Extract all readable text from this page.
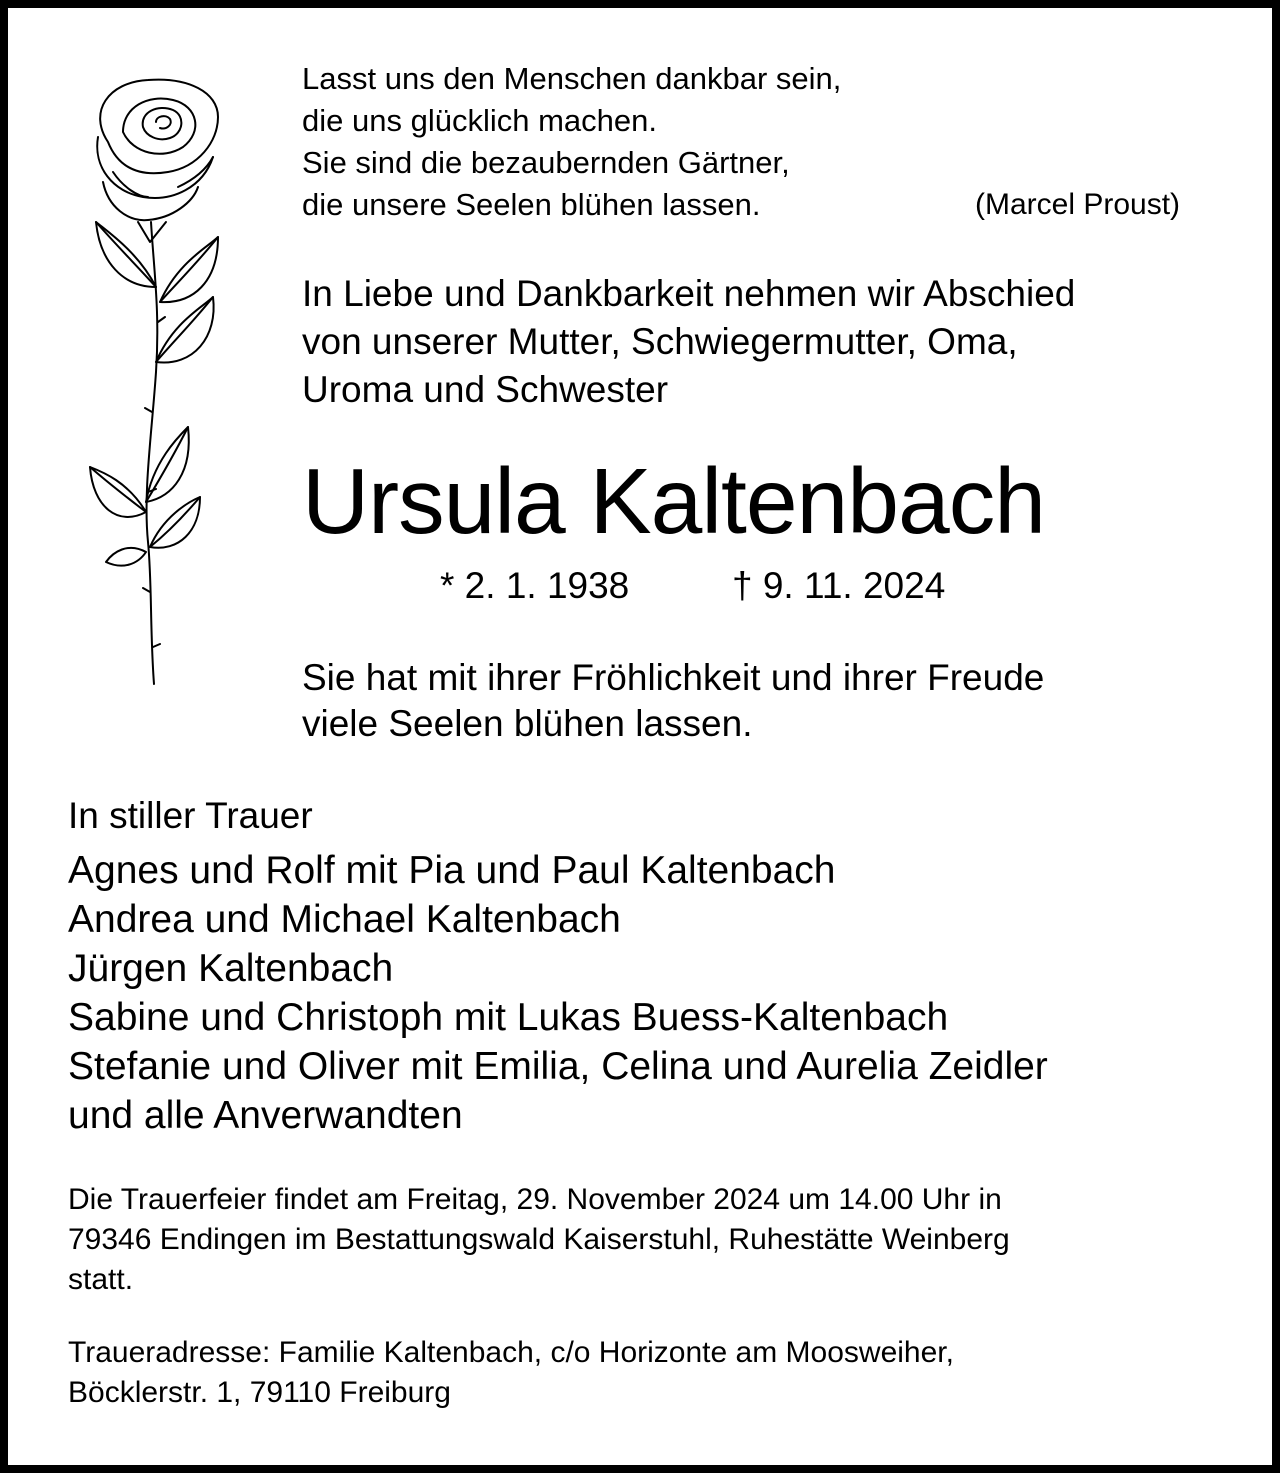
Lasst uns den Menschen dankbar sein,
die uns glücklich machen.
Sie sind die bezaubernden Gärtner,
die unsere Seelen blühen lassen.	(Marcel Proust)
In Liebe und Dankbarkeit nehmen wir Abschied
von unserer Mutter, Schwiegermutter, Oma,
Uroma und Schwester
Ursula Kaltenbach
* 2. 1. 1938	† 9. 11. 2024
Sie hat mit ihrer Fröhlichkeit und ihrer Freude
viele Seelen blühen lassen.
In stiller Trauer
Agnes und Rolf mit Pia und Paul Kaltenbach
Andrea und Michael Kaltenbach
Jürgen Kaltenbach
Sabine und Christoph mit Lukas Buess-Kaltenbach
Stefanie und Oliver mit Emilia, Celina und Aurelia Zeidler
und alle Anverwandten
Die Trauerfeier findet am Freitag, 29. November 2024 um 14.00 Uhr in
79346 Endingen im Bestattungswald Kaiserstuhl, Ruhestätte Weinberg
statt.
Traueradresse: Familie Kaltenbach, c/o Horizonte am Moosweiher,
Böcklerstr. 1, 79110 Freiburg
